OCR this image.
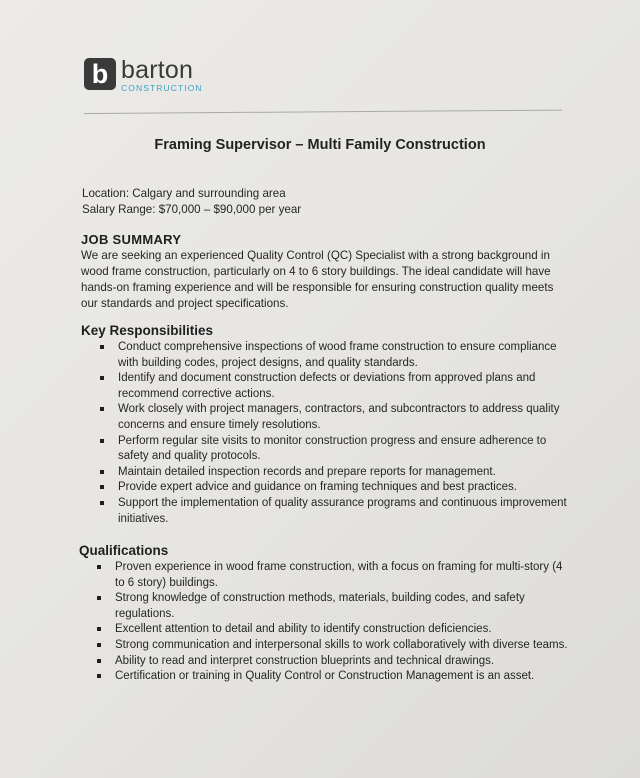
b barton
CONSTRUCTION
Framing Supervisor – Multi Family Construction
Location: Calgary and surrounding area
Salary Range: $70,000 – $90,000 per year
JOB SUMMARY
We are seeking an experienced Quality Control (QC) Specialist with a strong background in wood frame construction, particularly on 4 to 6 story buildings. The ideal candidate will have hands-on framing experience and will be responsible for ensuring construction quality meets our standards and project specifications.
Key Responsibilities
Conduct comprehensive inspections of wood frame construction to ensure compliance with building codes, project designs, and quality standards.
Identify and document construction defects or deviations from approved plans and recommend corrective actions.
Work closely with project managers, contractors, and subcontractors to address quality concerns and ensure timely resolutions.
Perform regular site visits to monitor construction progress and ensure adherence to safety and quality protocols.
Maintain detailed inspection records and prepare reports for management.
Provide expert advice and guidance on framing techniques and best practices.
Support the implementation of quality assurance programs and continuous improvement initiatives.
Qualifications
Proven experience in wood frame construction, with a focus on framing for multi-story (4 to 6 story) buildings.
Strong knowledge of construction methods, materials, building codes, and safety regulations.
Excellent attention to detail and ability to identify construction deficiencies.
Strong communication and interpersonal skills to work collaboratively with diverse teams.
Ability to read and interpret construction blueprints and technical drawings.
Certification or training in Quality Control or Construction Management is an asset.
